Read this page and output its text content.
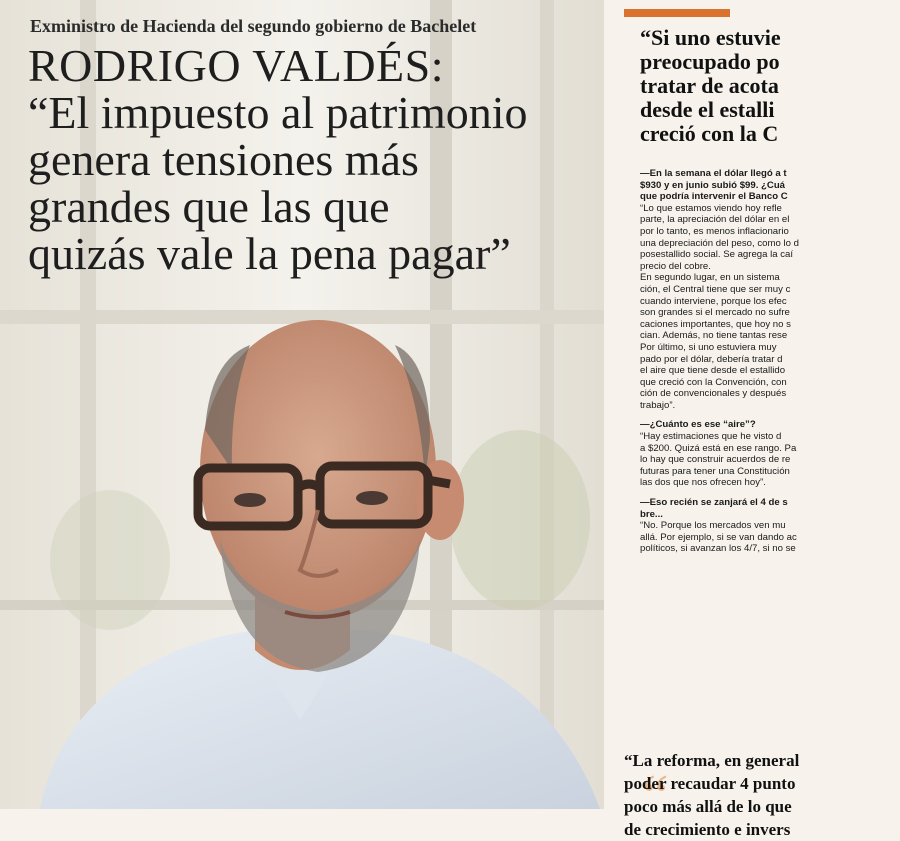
Exministro de Hacienda del segundo gobierno de Bachelet
RODRIGO VALDÉS:
“El impuesto al patrimonio
genera tensiones más
grandes que las que
quizás vale la pena pagar”
“Si uno estuvie
preocupado po
tratar de acota
desde el estalli
creció con la C
—En la semana el dólar llegó a t
$930 y en junio subió $99. ¿Cuá
que podría intervenir el Banco C
“Lo que estamos viendo hoy refle
parte, la apreciación del dólar en el
por lo tanto, es menos inflacionario
una depreciación del peso, como lo d
posestallido social. Se agrega la caí
precio del cobre.
En segundo lugar, en un sistema
ción, el Central tiene que ser muy c
cuando interviene, porque los efec
son grandes si el mercado no sufre
caciones importantes, que hoy no s
cian. Además, no tiene tantas rese
Por último, si uno estuviera muy
pado por el dólar, debería tratar d
el aire que tiene desde el estallido
que creció con la Convención, con
ción de convencionales y después
trabajo”.
—¿Cuánto es ese “aire”?
“Hay estimaciones que he visto d
a $200. Quizá está en ese rango. Pa
lo hay que construir acuerdos de re
futuras para tener una Constitución
las dos que nos ofrecen hoy”.
—Eso recién se zanjará el 4 de s
bre...
“No. Porque los mercados ven mu
allá. Por ejemplo, si se van dando ac
políticos, si avanzan los 4/7, si no se
“
“La reforma, en general
poder recaudar 4 punto
poco más allá de lo que
de crecimiento e invers
